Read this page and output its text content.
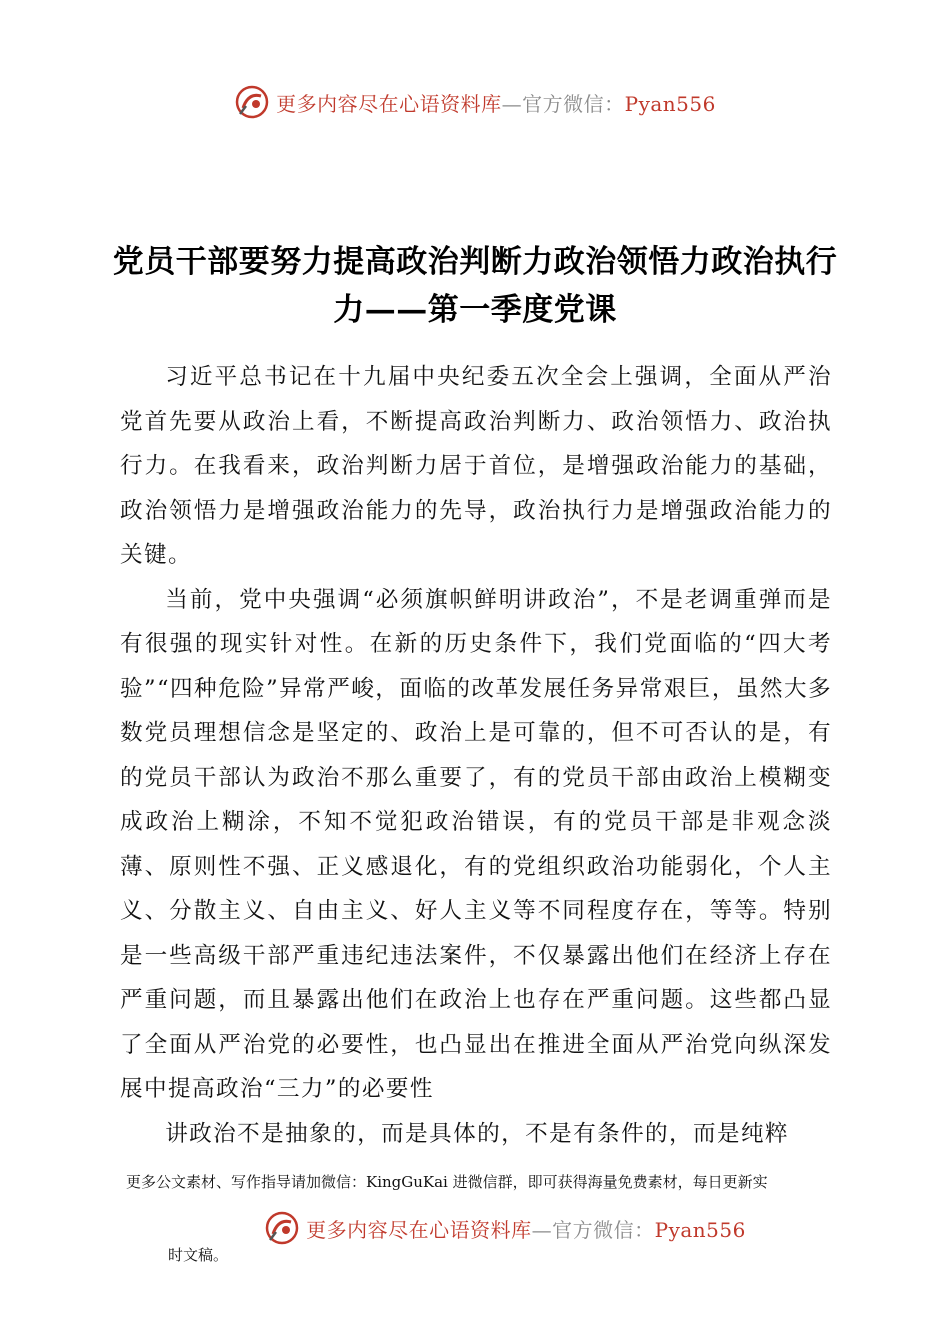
更多内容尽在心语资料库—官方微信：Pyan556
党员干部要努力提高政治判断力政治领悟力政治执行力——第一季度党课

习近平总书记在十九届中央纪委五次全会上强调，全面从严治党首先要从政治上看，不断提高政治判断力、政治领悟力、政治执行力。在我看来，政治判断力居于首位，是增强政治能力的基础，政治领悟力是增强政治能力的先导，政治执行力是增强政治能力的关键。

当前，党中央强调“必须旗帜鲜明讲政治”，不是老调重弹而是有很强的现实针对性。在新的历史条件下，我们党面临的“四大考验”“四种危险”异常严峻，面临的改革发展任务异常艰巨，虽然大多数党员理想信念是坚定的、政治上是可靠的，但不可否认的是，有的党员干部认为政治不那么重要了，有的党员干部由政治上模糊变成政治上糊涂，不知不觉犯政治错误，有的党员干部是非观念淡薄、原则性不强、正义感退化，有的党组织政治功能弱化，个人主义、分散主义、自由主义、好人主义等不同程度存在，等等。特别是一些高级干部严重违纪违法案件，不仅暴露出他们在经济上存在严重问题，而且暴露出他们在政治上也存在严重问题。这些都凸显了全面从严治党的必要性，也凸显出在推进全面从严治党向纵深发展中提高政治“三力”的必要性

讲政治不是抽象的，而是具体的，不是有条件的，而是纯粹

更多公文素材、写作指导请加微信：KingGuKai 进微信群，即可获得海量免费素材，每日更新实
更多内容尽在心语资料库—官方微信：Pyan556
时文稿。
